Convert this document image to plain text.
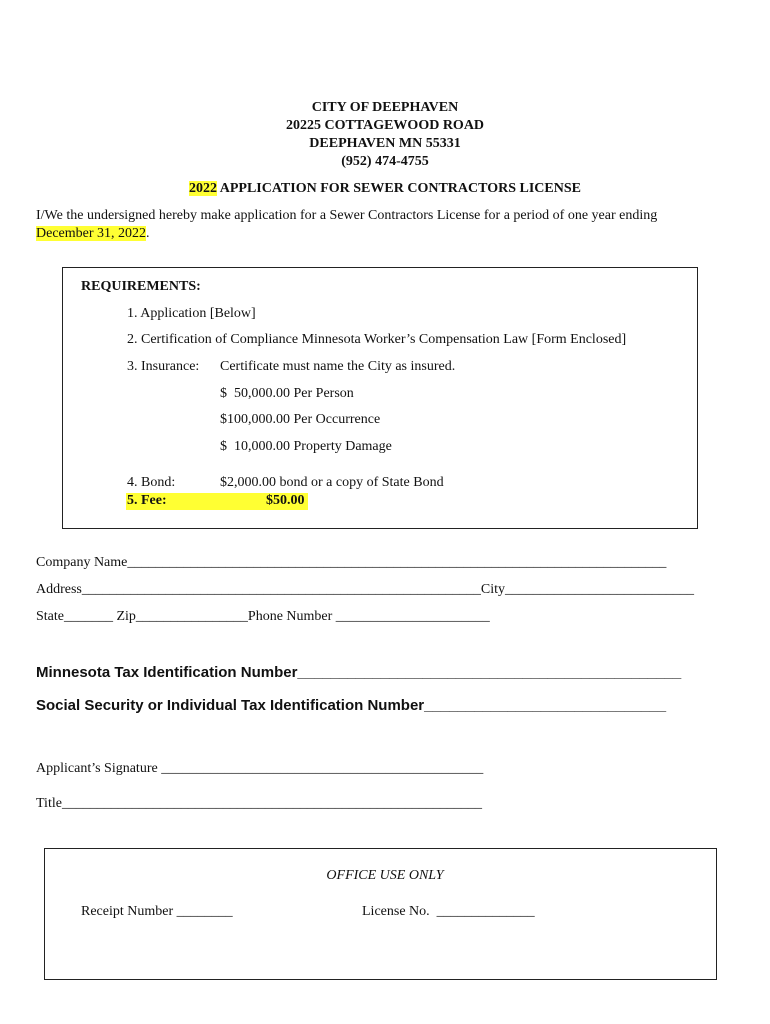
CITY OF DEEPHAVEN
20225 COTTAGEWOOD ROAD
DEEPHAVEN MN 55331
(952) 474-4755
2022 APPLICATION FOR SEWER CONTRACTORS LICENSE
I/We the undersigned hereby make application for a Sewer Contractors License for a period of one year ending
December 31, 2022.
REQUIREMENTS:
1. Application [Below]
2. Certification of Compliance Minnesota Worker’s Compensation Law [Form Enclosed]
3. Insurance: Certificate must name the City as insured.
$  50,000.00 Per Person
$100,000.00 Per Occurrence
$  10,000.00 Property Damage
4. Bond:	$2,000.00 bond or a copy of State Bond
5. Fee:	$50.00
Company Name_____________________________________________________________________________
Address_________________________________________________________City___________________________
State_______ Zip________________Phone Number ______________________
Minnesota Tax Identification Number______________________________________________
Social Security or Individual Tax Identification Number_____________________________
Applicant’s Signature ______________________________________________
Title____________________________________________________________
OFFICE USE ONLY
Receipt Number ________	License No.  ______________
